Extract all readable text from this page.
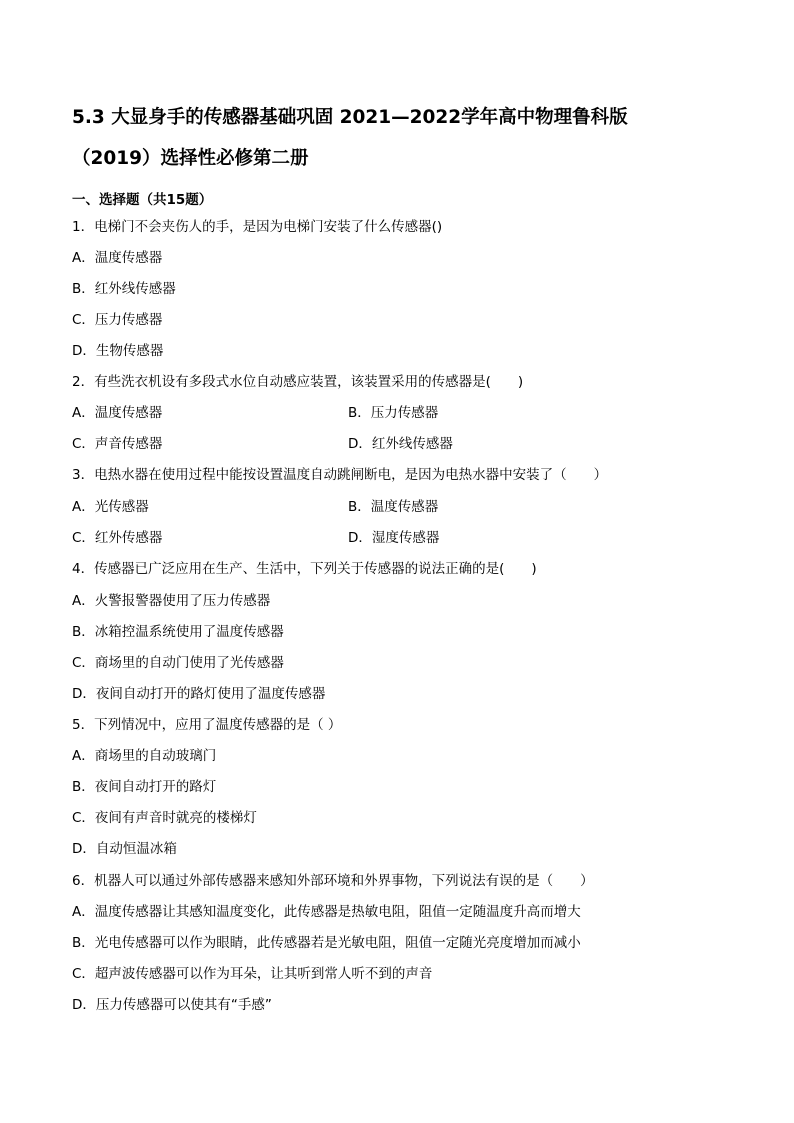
5.3 大显身手的传感器基础巩固 2021—2022学年高中物理鲁科版
（2019）选择性必修第二册
一、选择题（共15题）
1．电梯门不会夹伤人的手，是因为电梯门安装了什么传感器()
A．温度传感器
B．红外线传感器
C．压力传感器
D．生物传感器
2．有些洗衣机设有多段式水位自动感应装置，该装置采用的传感器是(　　)
A．温度传感器	B．压力传感器
C．声音传感器	D．红外线传感器
3．电热水器在使用过程中能按设置温度自动跳闸断电，是因为电热水器中安装了（　　）
A．光传感器	B．温度传感器
C．红外传感器	D．湿度传感器
4．传感器已广泛应用在生产、生活中，下列关于传感器的说法正确的是(　　)
A．火警报警器使用了压力传感器
B．冰箱控温系统使用了温度传感器
C．商场里的自动门使用了光传感器
D．夜间自动打开的路灯使用了温度传感器
5．下列情况中，应用了温度传感器的是（ ）
A．商场里的自动玻璃门
B．夜间自动打开的路灯
C．夜间有声音时就亮的楼梯灯
D．自动恒温冰箱
6．机器人可以通过外部传感器来感知外部环境和外界事物，下列说法有误的是（　　）
A．温度传感器让其感知温度变化，此传感器是热敏电阻，阻值一定随温度升高而增大
B．光电传感器可以作为眼睛，此传感器若是光敏电阻，阻值一定随光亮度增加而减小
C．超声波传感器可以作为耳朵，让其听到常人听不到的声音
D．压力传感器可以使其有“手感”
